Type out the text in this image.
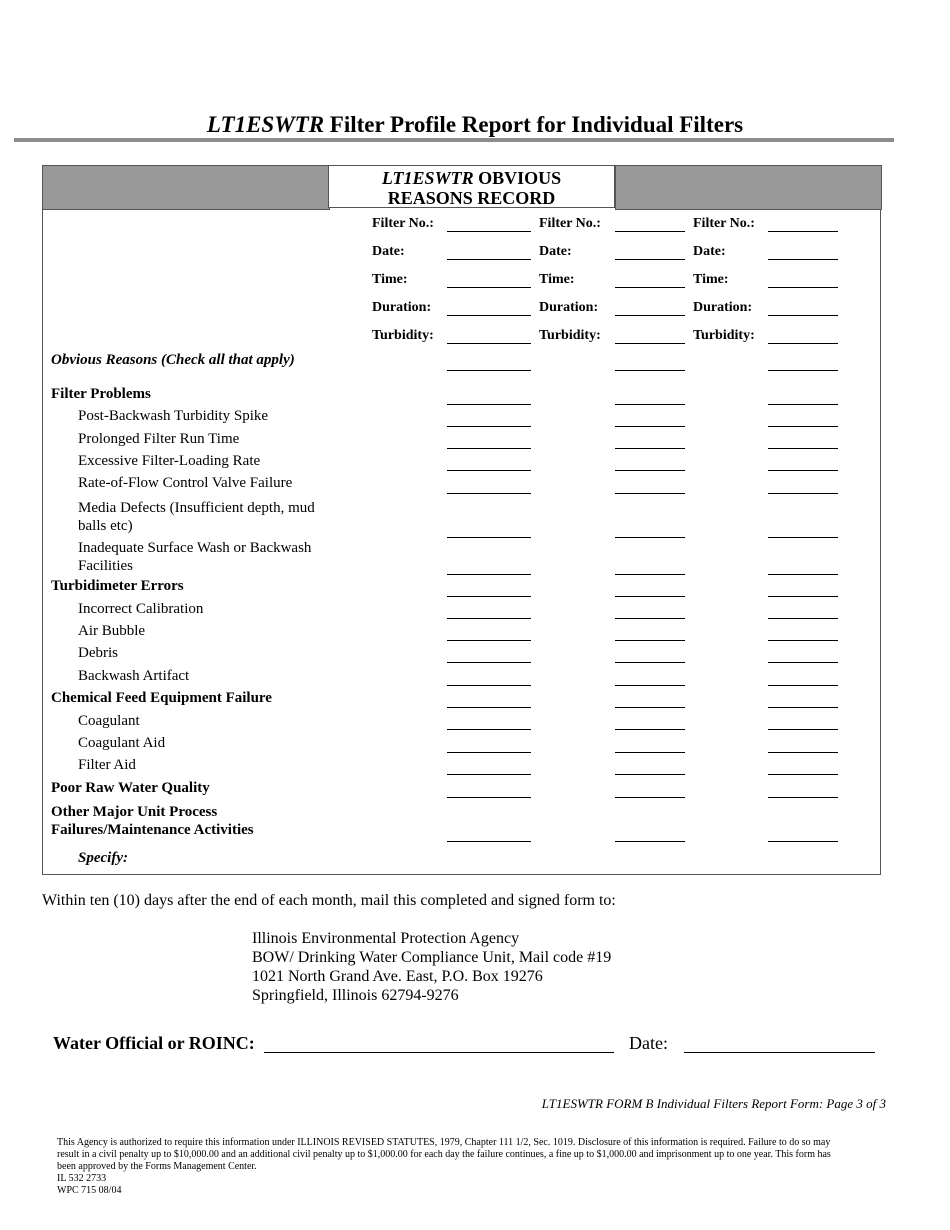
LT1ESWTR Filter Profile Report for Individual Filters
LT1ESWTR OBVIOUS
REASONS RECORD
Filter No.:
Date:
Time:
Duration:
Turbidity:
Filter No.:
Date:
Time:
Duration:
Turbidity:
Filter No.:
Date:
Time:
Duration:
Turbidity:
Obvious Reasons (Check all that apply)
Filter Problems
Post-Backwash Turbidity Spike
Prolonged Filter Run Time
Excessive Filter-Loading Rate
Rate-of-Flow Control Valve Failure
Media Defects (Insufficient depth, mud balls etc)
Inadequate Surface Wash or Backwash Facilities
Turbidimeter Errors
Incorrect Calibration
Air Bubble
Debris
Backwash Artifact
Chemical Feed Equipment Failure
Coagulant
Coagulant Aid
Filter Aid
Poor Raw Water Quality
Other Major Unit Process Failures/Maintenance Activities
Specify:
Within ten (10) days after the end of each month, mail this completed and signed form to:
Illinois Environmental Protection Agency
BOW/ Drinking Water Compliance Unit, Mail code #19
1021 North Grand Ave. East, P.O. Box 19276
Springfield, Illinois 62794-9276
Water Official or ROINC:	Date:
LT1ESWTR FORM B Individual Filters Report Form: Page 3 of 3
This Agency is authorized to require this information under ILLINOIS REVISED STATUTES, 1979, Chapter 111 1/2, Sec. 1019. Disclosure of this information is required. Failure to do so may
result in a civil penalty up to $10,000.00 and an additional civil penalty up to $1,000.00 for each day the failure continues, a fine up to $1,000.00 and imprisonment up to one year. This form has
been approved by the Forms Management Center.
IL 532 2733
WPC 715 08/04
